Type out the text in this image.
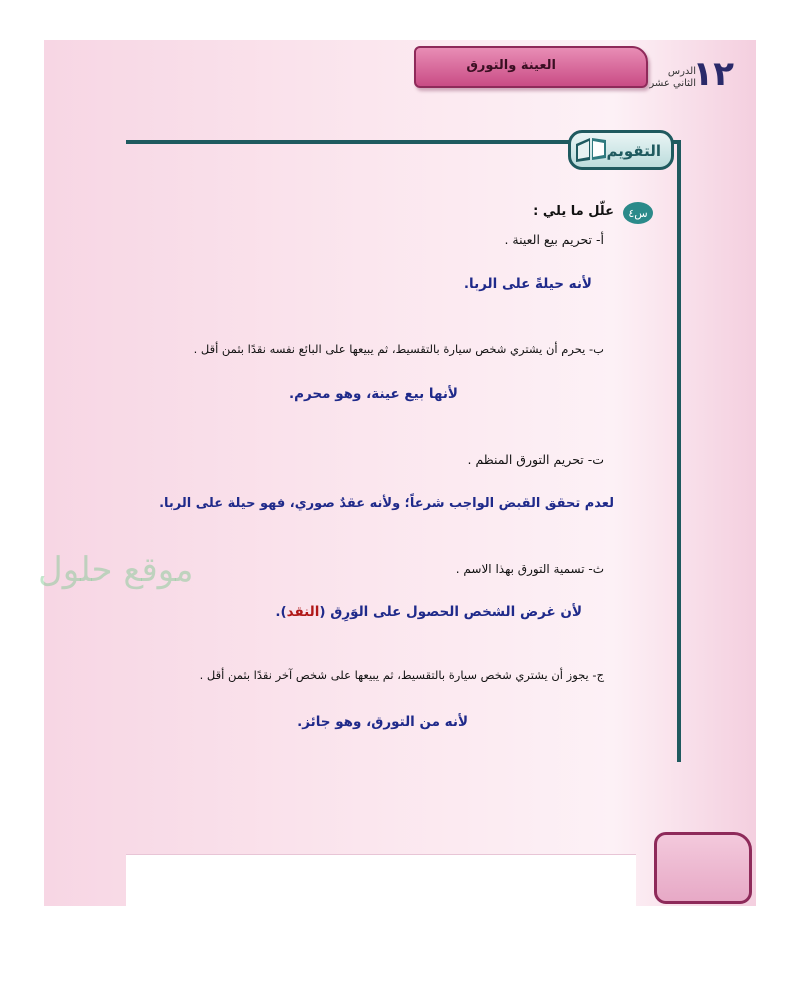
العينة والتورق	الدرس
الثاني عشر
١٢
التقويم
س٤
علّل ما يلي :
أ- تحريم بيع العينة .
لأنه حيلةً على الربا.
ب- يحرم أن يشتري شخص سيارة بالتقسيط، ثم يبيعها على البائع نفسه نقدًا بثمن أقل .
لأنها بيع عينة، وهو محرم.
ت- تحريم التورق المنظم .
لعدم تحقق القبض الواجب شرعاً؛ ولأنه عقدٌ صوري، فهو حيلة على الربا.
ث- تسمية التورق بهذا الاسم .
لأن غرض الشخص الحصول على الوَرِق (النقد).
ج- يجوز أن يشتري شخص سيارة بالتقسيط، ثم يبيعها على شخص آخر نقدًا بثمن أقل .
لأنه من التورق، وهو جائز.
موقع حلول
